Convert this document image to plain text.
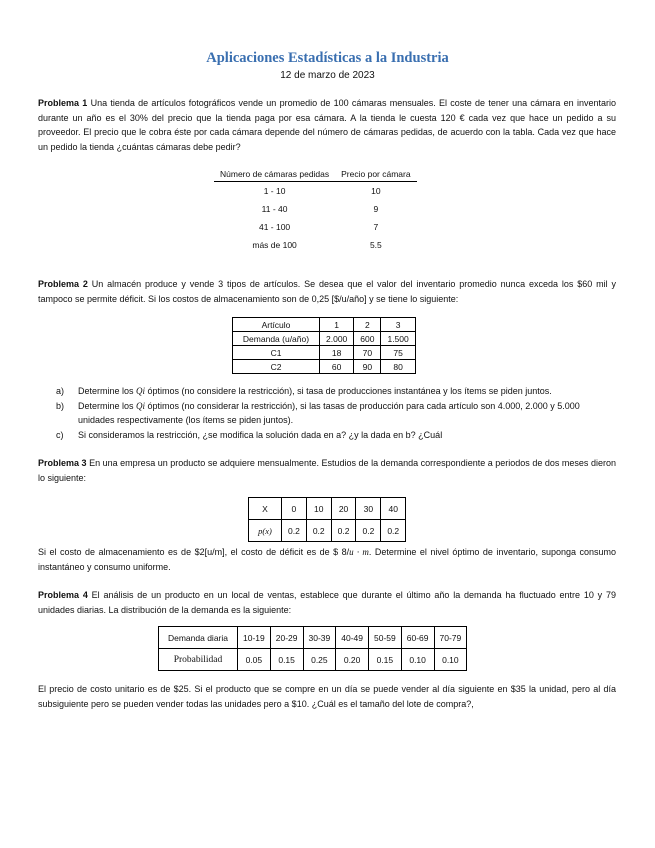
Aplicaciones Estadísticas a la Industria
12 de marzo de 2023
Problema 1 Una tienda de artículos fotográficos vende un promedio de 100 cámaras mensuales. El coste de tener una cámara en inventario durante un año es el 30% del precio que la tienda paga por esa cámara. A la tienda le cuesta 120 € cada vez que hace un pedido a su proveedor. El precio que le cobra éste por cada cámara depende del número de cámaras pedidas, de acuerdo con la tabla. Cada vez que hace un pedido la tienda ¿cuántas cámaras debe pedir?
Número de cámaras pedidas	Precio por cámara
1 - 10	10
11 - 40	9
41 - 100	7
más de 100	5.5
Problema 2 Un almacén produce y vende 3 tipos de artículos. Se desea que el valor del inventario promedio nunca exceda los $60 mil y tampoco se permite déficit. Si los costos de almacenamiento son de 0,25 [$/u/año] y se tiene lo siguiente:
Artículo	1	2	3
Demanda (u/año)	2.000	600	1.500
C1	18	70	75
C2	60	90	80
a) Determine los Qi óptimos (no considere la restricción), si tasa de producciones instantánea y los ítems se piden juntos.
b) Determine los Qi óptimos (no considerar la restricción), si las tasas de producción para cada artículo son 4.000, 2.000 y 5.000 unidades respectivamente (los ítems se piden juntos).
c) Si consideramos la restricción, ¿se modifica la solución dada en a? ¿y la dada en b? ¿Cuál
Problema 3 En una empresa un producto se adquiere mensualmente. Estudios de la demanda correspondiente a periodos de dos meses dieron lo siguiente:
X	0	10	20	30	40
p(x)	0.2	0.2	0.2	0.2	0.2
Si el costo de almacenamiento es de $2[u/m], el costo de déficit es de $ 8/u · m. Determine el nivel óptimo de inventario, suponga consumo instantáneo y consumo uniforme.
Problema 4 El análisis de un producto en un local de ventas, establece que durante el último año la demanda ha fluctuado entre 10 y 79 unidades diarias. La distribución de la demanda es la siguiente:
Demanda diaria	10-19	20-29	30-39	40-49	50-59	60-69	70-79
Probabilidad	0.05	0.15	0.25	0.20	0.15	0.10	0.10
El precio de costo unitario es de $25. Si el producto que se compre en un día se puede vender al día siguiente en $35 la unidad, pero al día subsiguiente pero se pueden vender todas las unidades pero a $10. ¿Cuál es el tamaño del lote de compra?,
